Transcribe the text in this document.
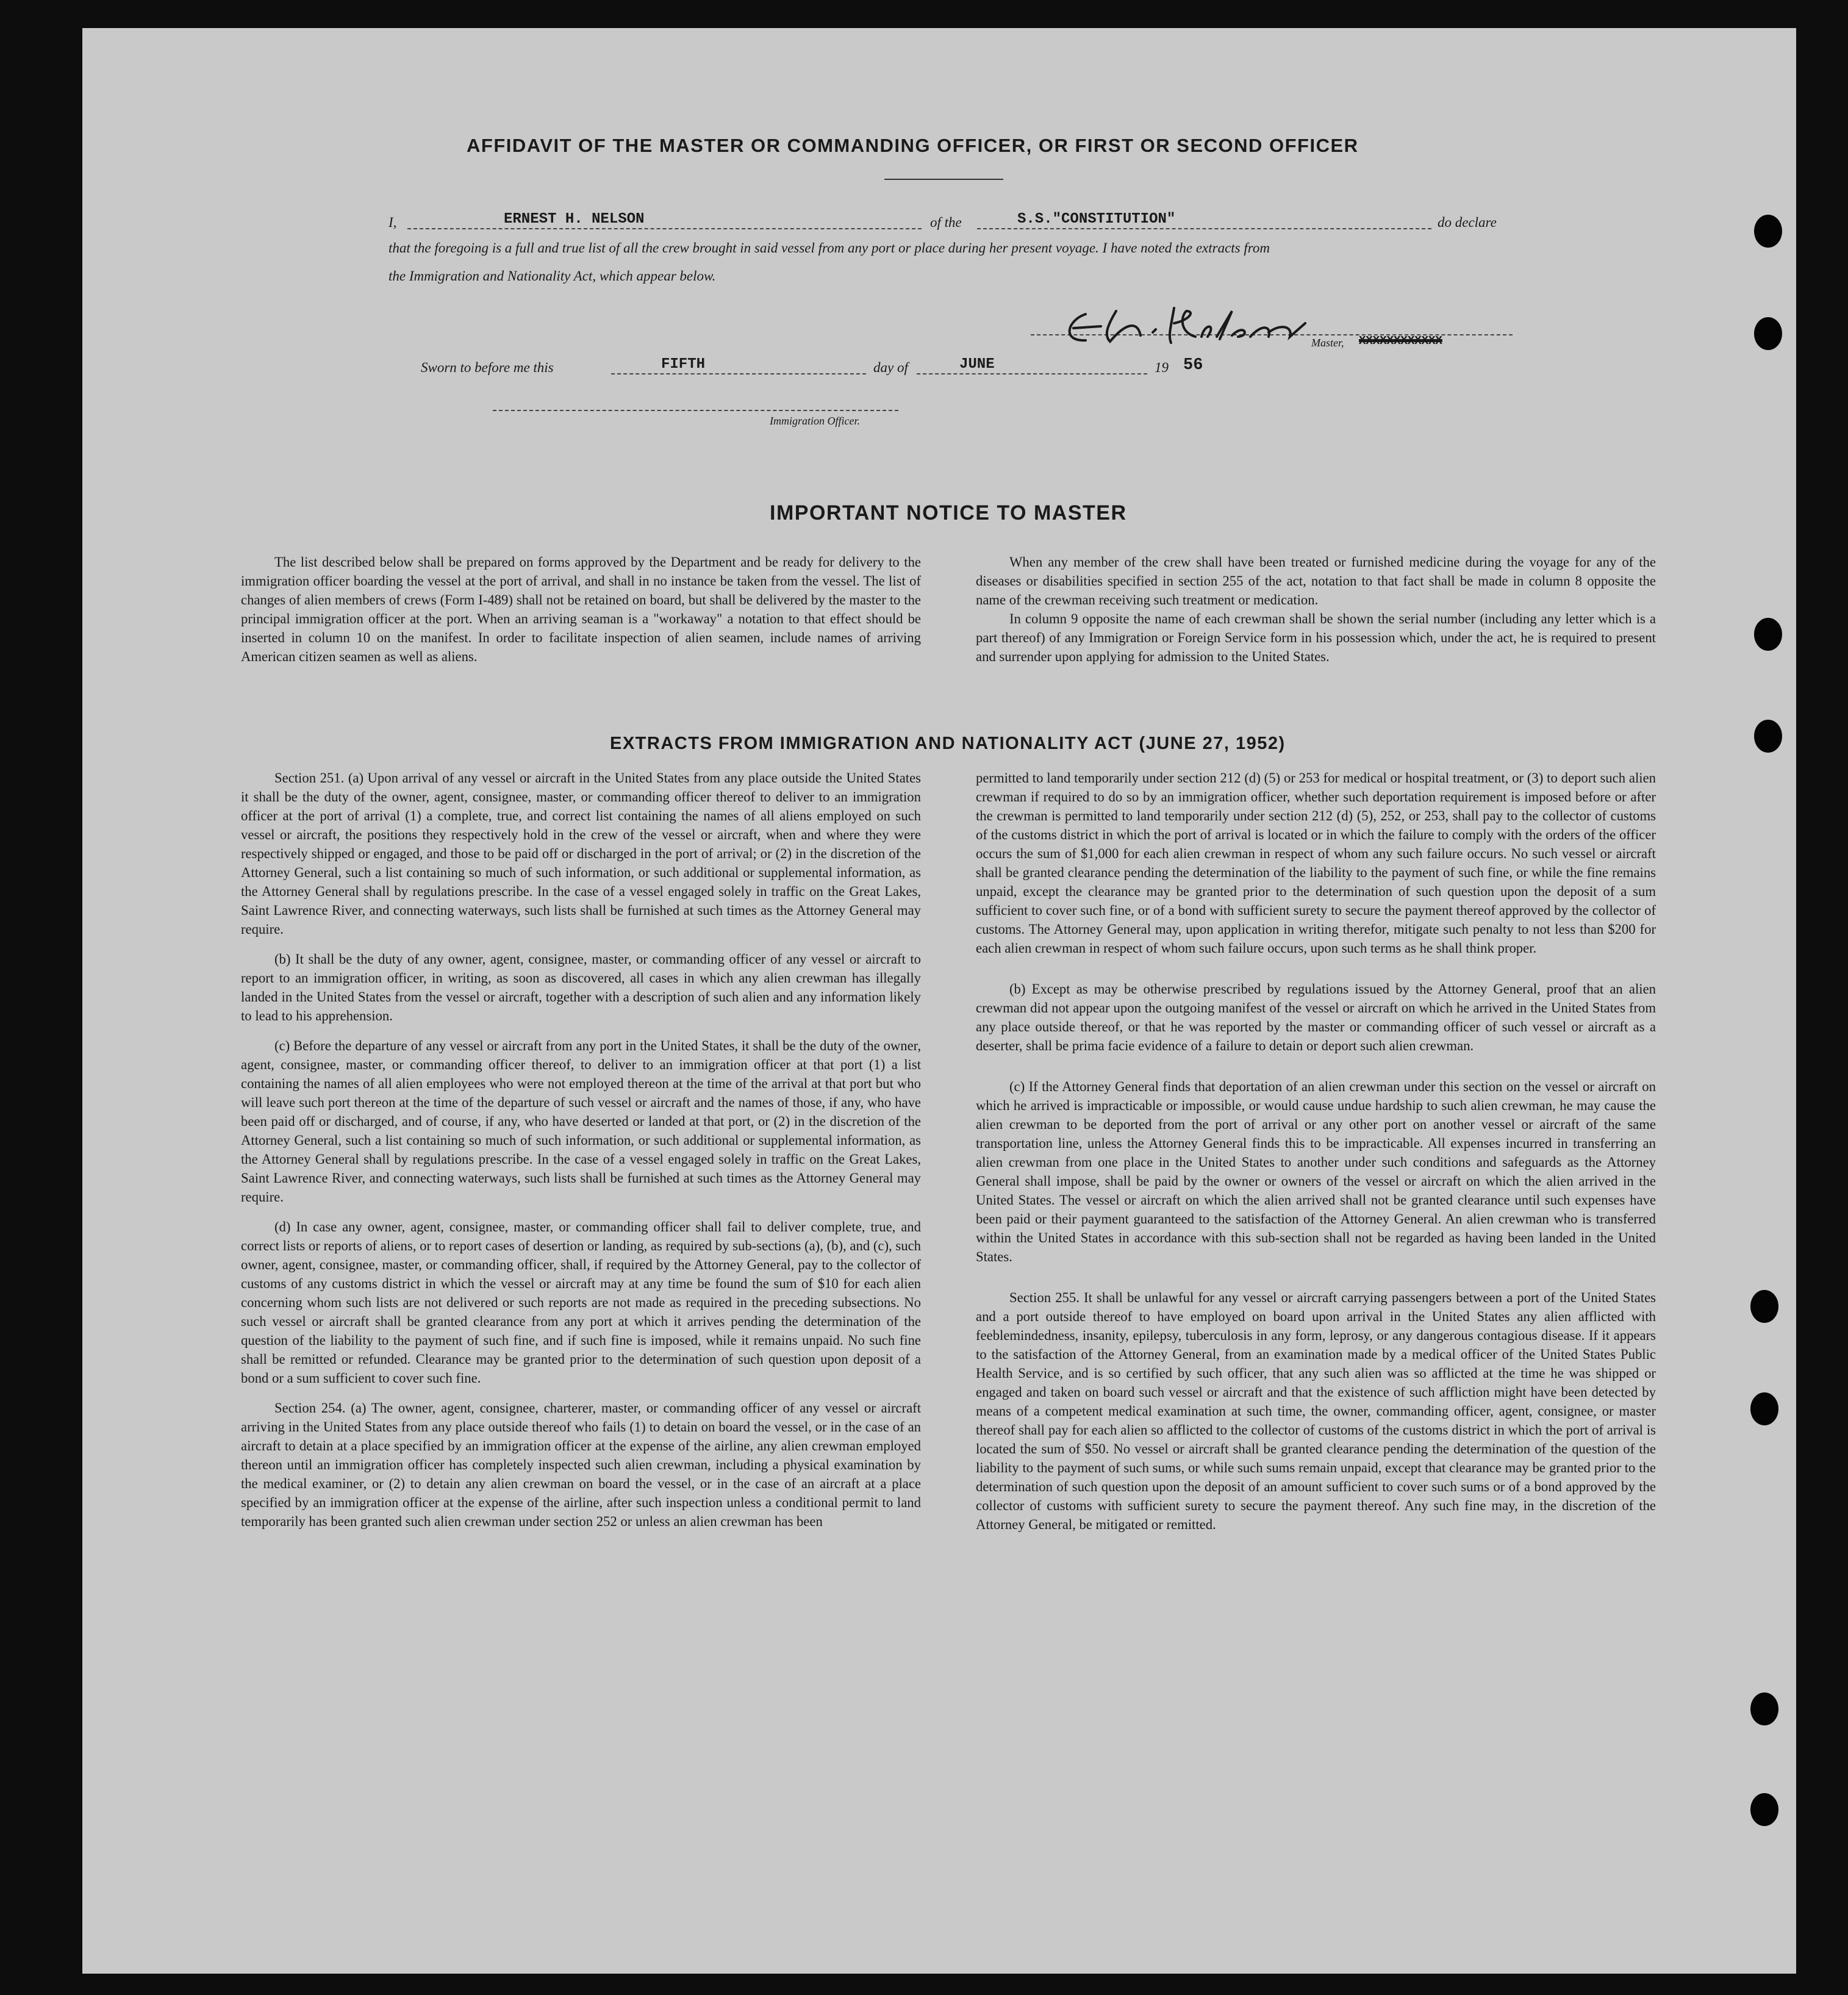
AFFIDAVIT OF THE MASTER OR COMMANDING OFFICER, OR FIRST OR SECOND OFFICER
I,	ERNEST H. NELSON	of the	S.S."CONSTITUTION"	do declare
that the foregoing is a full and true list of all the crew brought in said vessel from any port or place during her present voyage. I have noted the extracts from
the Immigration and Nationality Act, which appear below.
Master, XXXXXXXXXXXX
Sworn to before me this	FIFTH	day of	JUNE	19 56
Immigration Officer.
IMPORTANT NOTICE TO MASTER

The list described below shall be prepared on forms approved by the Department and be ready for delivery to the immigration officer boarding the vessel at the port of arrival, and shall in no instance be taken from the vessel. The list of changes of alien members of crews (Form I-489) shall not be retained on board, but shall be delivered by the master to the principal immigration officer at the port. When an arriving seaman is a "workaway" a notation to that effect should be inserted in column 10 on the manifest. In order to facilitate inspection of alien seamen, include names of arriving American citizen seamen as well as aliens.

When any member of the crew shall have been treated or furnished medicine during the voyage for any of the diseases or disabilities specified in section 255 of the act, notation to that fact shall be made in column 8 opposite the name of the crewman receiving such treatment or medication.

In column 9 opposite the name of each crewman shall be shown the serial number (including any letter which is a part thereof) of any Immigration or Foreign Service form in his possession which, under the act, he is required to present and surrender upon applying for admission to the United States.

EXTRACTS FROM IMMIGRATION AND NATIONALITY ACT (JUNE 27, 1952)

Section 251. (a) Upon arrival of any vessel or aircraft in the United States from any place outside the United States it shall be the duty of the owner, agent, consignee, master, or commanding officer thereof to deliver to an immigration officer at the port of arrival (1) a complete, true, and correct list containing the names of all aliens employed on such vessel or aircraft, the positions they respectively hold in the crew of the vessel or aircraft, when and where they were respectively shipped or engaged, and those to be paid off or discharged in the port of arrival; or (2) in the discretion of the Attorney General, such a list containing so much of such information, or such additional or supplemental information, as the Attorney General shall by regulations prescribe. In the case of a vessel engaged solely in traffic on the Great Lakes, Saint Lawrence River, and connecting waterways, such lists shall be furnished at such times as the Attorney General may require.

(b) It shall be the duty of any owner, agent, consignee, master, or commanding officer of any vessel or aircraft to report to an immigration officer, in writing, as soon as discovered, all cases in which any alien crewman has illegally landed in the United States from the vessel or aircraft, together with a description of such alien and any information likely to lead to his apprehension.

(c) Before the departure of any vessel or aircraft from any port in the United States, it shall be the duty of the owner, agent, consignee, master, or commanding officer thereof, to deliver to an immigration officer at that port (1) a list containing the names of all alien employees who were not employed thereon at the time of the arrival at that port but who will leave such port thereon at the time of the departure of such vessel or aircraft and the names of those, if any, who have been paid off or discharged, and of course, if any, who have deserted or landed at that port, or (2) in the discretion of the Attorney General, such a list containing so much of such information, or such additional or supplemental information, as the Attorney General shall by regulations prescribe. In the case of a vessel engaged solely in traffic on the Great Lakes, Saint Lawrence River, and connecting waterways, such lists shall be furnished at such times as the Attorney General may require.

(d) In case any owner, agent, consignee, master, or commanding officer shall fail to deliver complete, true, and correct lists or reports of aliens, or to report cases of desertion or landing, as required by sub-sections (a), (b), and (c), such owner, agent, consignee, master, or commanding officer, shall, if required by the Attorney General, pay to the collector of customs of any customs district in which the vessel or aircraft may at any time be found the sum of $10 for each alien concerning whom such lists are not delivered or such reports are not made as required in the preceding subsections. No such vessel or aircraft shall be granted clearance from any port at which it arrives pending the determination of the question of the liability to the payment of such fine, and if such fine is imposed, while it remains unpaid. No such fine shall be remitted or refunded. Clearance may be granted prior to the determination of such question upon deposit of a bond or a sum sufficient to cover such fine.

Section 254. (a) The owner, agent, consignee, charterer, master, or commanding officer of any vessel or aircraft arriving in the United States from any place outside thereof who fails (1) to detain on board the vessel, or in the case of an aircraft to detain at a place specified by an immigration officer at the expense of the airline, any alien crewman employed thereon until an immigration officer has completely inspected such alien crewman, including a physical examination by the medical examiner, or (2) to detain any alien crewman on board the vessel, or in the case of an aircraft at a place specified by an immigration officer at the expense of the airline, after such inspection unless a conditional permit to land temporarily has been granted such alien crewman under section 252 or unless an alien crewman has been

permitted to land temporarily under section 212 (d) (5) or 253 for medical or hospital treatment, or (3) to deport such alien crewman if required to do so by an immigration officer, whether such deportation requirement is imposed before or after the crewman is permitted to land temporarily under section 212 (d) (5), 252, or 253, shall pay to the collector of customs of the customs district in which the port of arrival is located or in which the failure to comply with the orders of the officer occurs the sum of $1,000 for each alien crewman in respect of whom any such failure occurs. No such vessel or aircraft shall be granted clearance pending the determination of the liability to the payment of such fine, or while the fine remains unpaid, except the clearance may be granted prior to the determination of such question upon the deposit of a sum sufficient to cover such fine, or of a bond with sufficient surety to secure the payment thereof approved by the collector of customs. The Attorney General may, upon application in writing therefor, mitigate such penalty to not less than $200 for each alien crewman in respect of whom such failure occurs, upon such terms as he shall think proper.

(b) Except as may be otherwise prescribed by regulations issued by the Attorney General, proof that an alien crewman did not appear upon the outgoing manifest of the vessel or aircraft on which he arrived in the United States from any place outside thereof, or that he was reported by the master or commanding officer of such vessel or aircraft as a deserter, shall be prima facie evidence of a failure to detain or deport such alien crewman.

(c) If the Attorney General finds that deportation of an alien crewman under this section on the vessel or aircraft on which he arrived is impracticable or impossible, or would cause undue hardship to such alien crewman, he may cause the alien crewman to be deported from the port of arrival or any other port on another vessel or aircraft of the same transportation line, unless the Attorney General finds this to be impracticable. All expenses incurred in transferring an alien crewman from one place in the United States to another under such conditions and safeguards as the Attorney General shall impose, shall be paid by the owner or owners of the vessel or aircraft on which the alien arrived in the United States. The vessel or aircraft on which the alien arrived shall not be granted clearance until such expenses have been paid or their payment guaranteed to the satisfaction of the Attorney General. An alien crewman who is transferred within the United States in accordance with this sub-section shall not be regarded as having been landed in the United States.

Section 255. It shall be unlawful for any vessel or aircraft carrying passengers between a port of the United States and a port outside thereof to have employed on board upon arrival in the United States any alien afflicted with feeblemindedness, insanity, epilepsy, tuberculosis in any form, leprosy, or any dangerous contagious disease. If it appears to the satisfaction of the Attorney General, from an examination made by a medical officer of the United States Public Health Service, and is so certified by such officer, that any such alien was so afflicted at the time he was shipped or engaged and taken on board such vessel or aircraft and that the existence of such affliction might have been detected by means of a competent medical examination at such time, the owner, commanding officer, agent, consignee, or master thereof shall pay for each alien so afflicted to the collector of customs of the customs district in which the port of arrival is located the sum of $50. No vessel or aircraft shall be granted clearance pending the determination of the question of the liability to the payment of such sums, or while such sums remain unpaid, except that clearance may be granted prior to the determination of such question upon the deposit of an amount sufficient to cover such sums or of a bond approved by the collector of customs with sufficient surety to secure the payment thereof. Any such fine may, in the discretion of the Attorney General, be mitigated or remitted.
